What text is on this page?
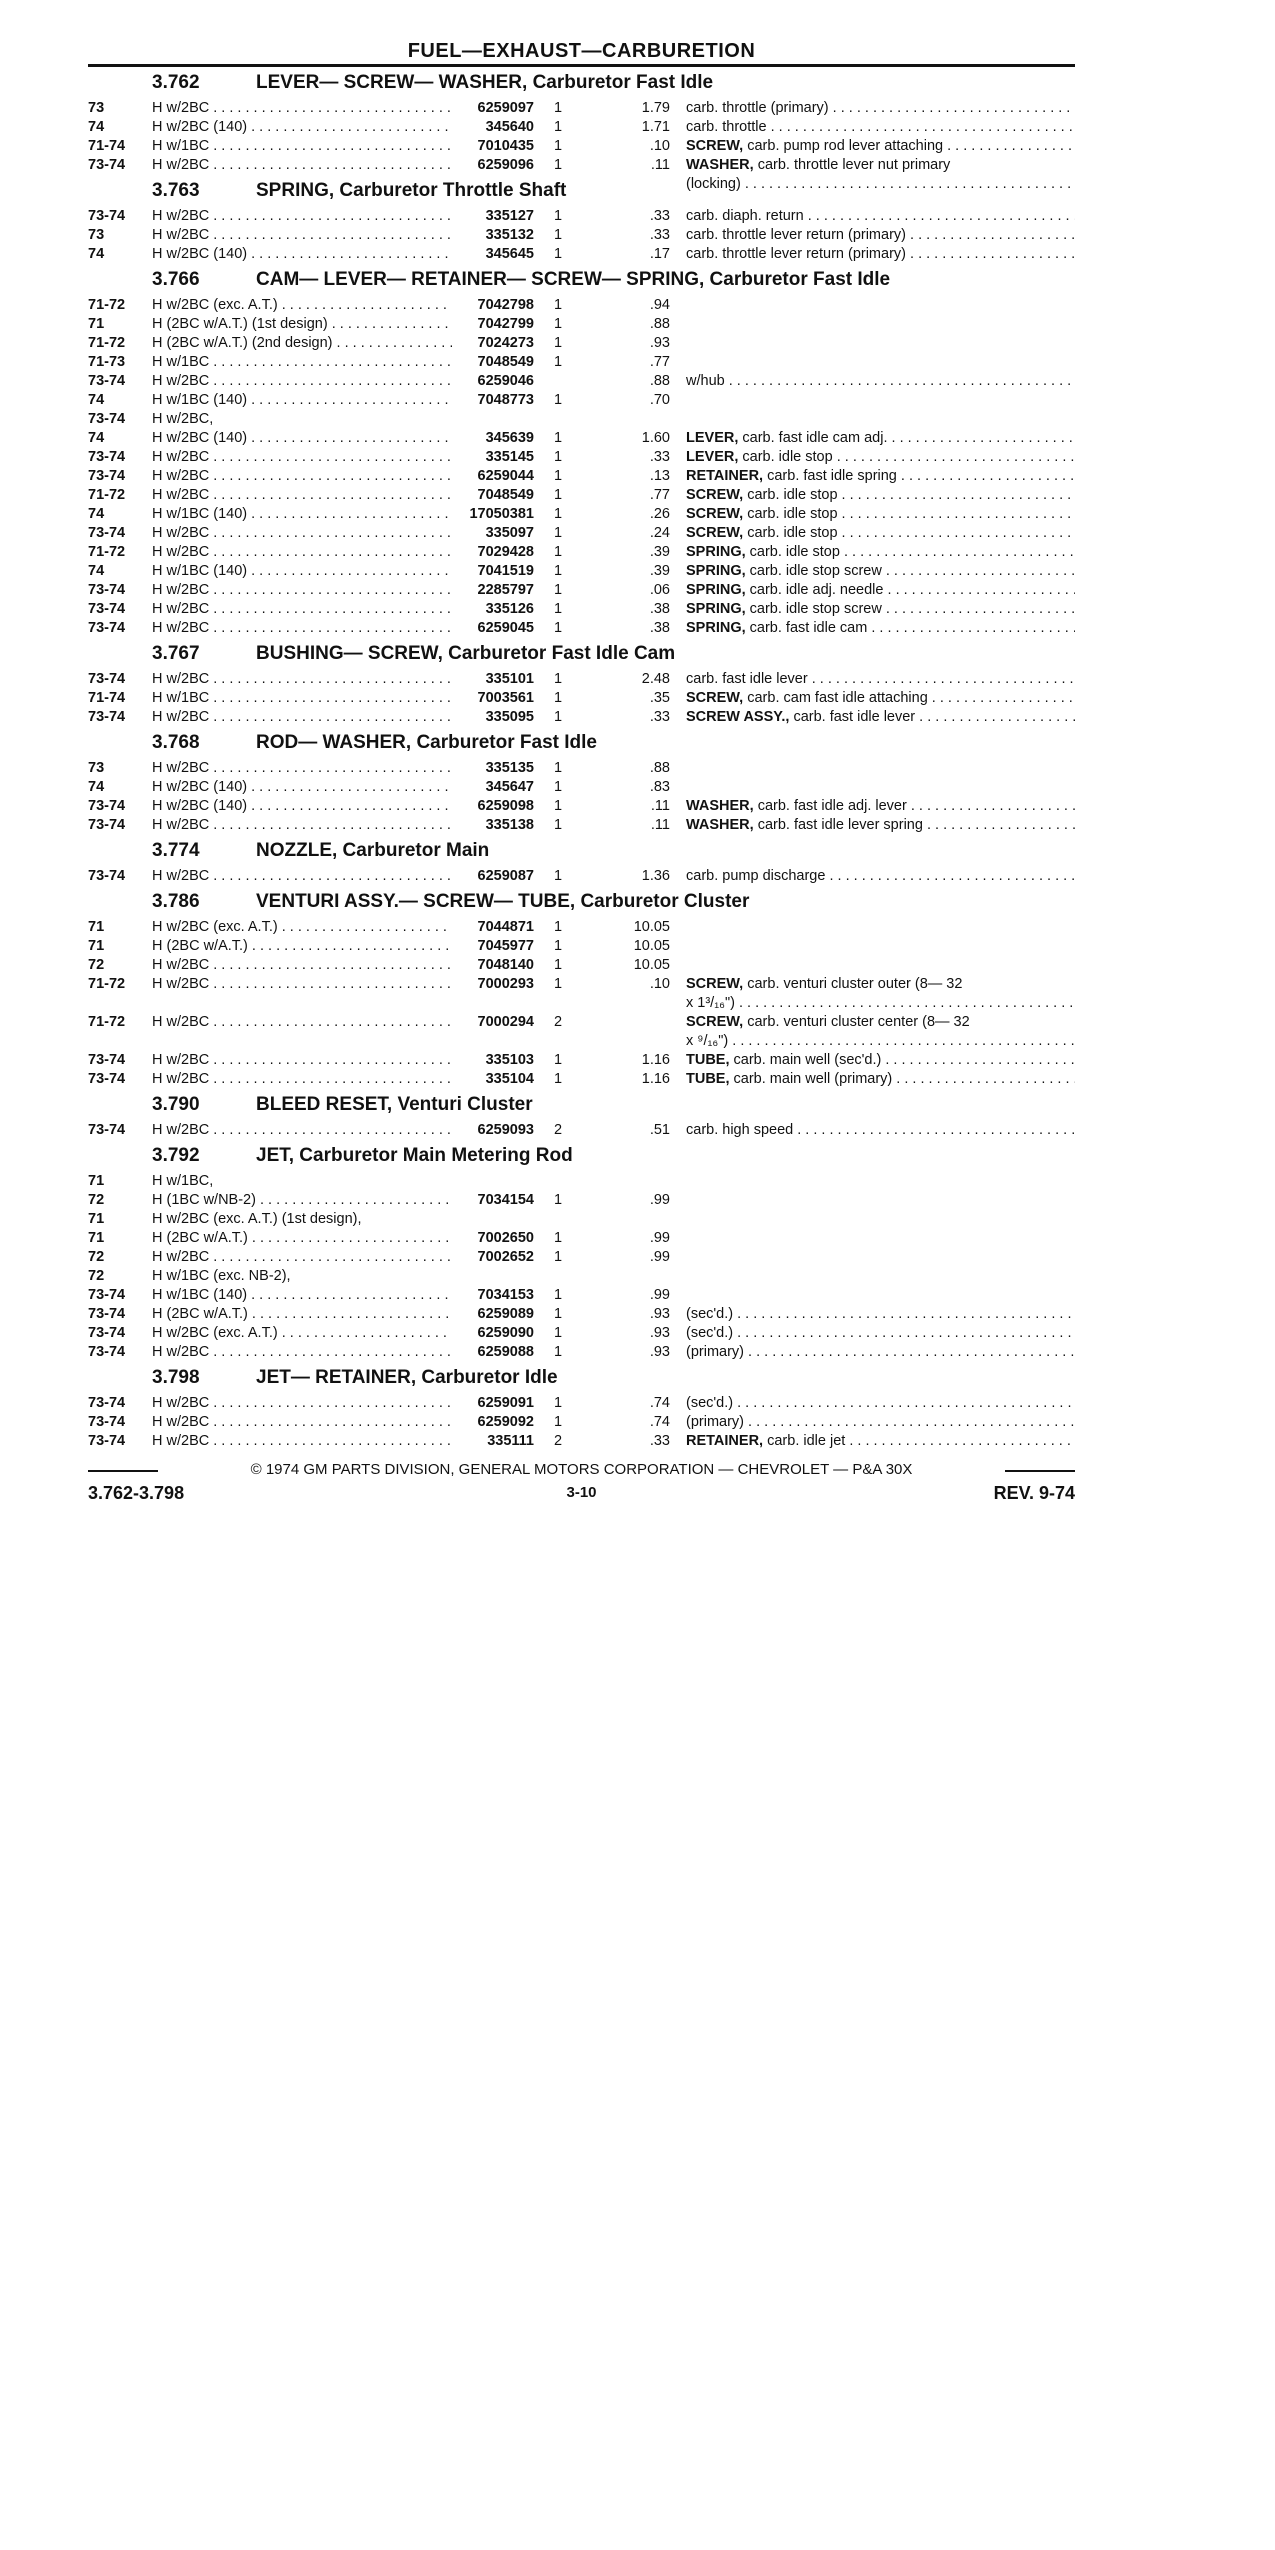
FUEL—EXHAUST—CARBURETION
3.762	LEVER— SCREW— WASHER, Carburetor Fast Idle
73	H w/2BC . . .	6259097 1	1.79 carb. throttle (primary) . . .
74	H w/2BC (140) . . .	345640 1	1.71 carb. throttle . . .
71-74	H w/1BC . . .	7010435 1	.10 SCREW, carb. pump rod lever attaching . . .
73-74	H w/2BC . . .	6259096 1	.11 WASHER, carb. throttle lever nut primary
(locking) . . .
3.763	SPRING, Carburetor Throttle Shaft
73-74	H w/2BC . . .	335127 1	.33 carb. diaph. return . . .
73	H w/2BC . . .	335132 1	.33 carb. throttle lever return (primary) . . .
74	H w/2BC (140) . . .	345645 1	.17 carb. throttle lever return (primary) . . .
3.766	CAM— LEVER— RETAINER— SCREW— SPRING, Carburetor Fast Idle
71-72	H w/2BC (exc. A.T.) . . .	7042798 1	.94
71	H (2BC w/A.T.) (1st design) . . .	7042799 1	.88
71-72	H (2BC w/A.T.) (2nd design) . . .	7024273 1	.93
71-73	H w/1BC . . .	7048549 1	.77
73-74	H w/2BC . . .	6259046	.88 w/hub . . .
74	H w/1BC (140) . . .	7048773 1	.70
73-74	H w/2BC,
74	H w/2BC (140) . . .	345639 1	1.60 LEVER, carb. fast idle cam adj. . . .
73-74	H w/2BC . . .	335145 1	.33 LEVER, carb. idle stop . . .
73-74	H w/2BC . . .	6259044 1	.13 RETAINER, carb. fast idle spring . . .
71-72	H w/2BC . . .	7048549 1	.77 SCREW, carb. idle stop . . .
74	H w/1BC (140) . . .	17050381 1	.26 SCREW, carb. idle stop . . .
73-74	H w/2BC . . .	335097 1	.24 SCREW, carb. idle stop . . .
71-72	H w/2BC . . .	7029428 1	.39 SPRING, carb. idle stop . . .
74	H w/1BC (140) . . .	7041519 1	.39 SPRING, carb. idle stop screw . . .
73-74	H w/2BC . . .	2285797 1	.06 SPRING, carb. idle adj. needle . . .
73-74	H w/2BC . . .	335126 1	.38 SPRING, carb. idle stop screw . . .
73-74	H w/2BC . . .	6259045 1	.38 SPRING, carb. fast idle cam . . .
3.767	BUSHING— SCREW, Carburetor Fast Idle Cam
73-74	H w/2BC . . .	335101 1	2.48 carb. fast idle lever . . .
71-74	H w/1BC . . .	7003561 1	.35 SCREW, carb. cam fast idle attaching . . .
73-74	H w/2BC . . .	335095 1	.33 SCREW ASSY., carb. fast idle lever . . .
3.768	ROD— WASHER, Carburetor Fast Idle
73	H w/2BC . . .	335135 1	.88
74	H w/2BC (140) . . .	345647 1	.83
73-74	H w/2BC (140) . . .	6259098 1	.11 WASHER, carb. fast idle adj. lever . . .
73-74	H w/2BC . . .	335138 1	.11 WASHER, carb. fast idle lever spring . . .
3.774	NOZZLE, Carburetor Main
73-74	H w/2BC . . .	6259087 1	1.36 carb. pump discharge . . .
3.786	VENTURI ASSY.— SCREW— TUBE, Carburetor Cluster
71	H w/2BC (exc. A.T.) . . .	7044871 1	10.05
71	H (2BC w/A.T.) . . .	7045977 1	10.05
72	H w/2BC . . .	7048140 1	10.05
71-72	H w/2BC . . .	7000293 1	.10 SCREW, carb. venturi cluster outer (8— 32
x 1³/₁₆") . . .
71-72	H w/2BC . . .	7000294 2	SCREW, carb. venturi cluster center (8— 32
x ⁹/₁₆") . . .
73-74	H w/2BC . . .	335103 1	1.16 TUBE, carb. main well (sec'd.) . . .
73-74	H w/2BC . . .	335104 1	1.16 TUBE, carb. main well (primary) . . .
3.790	BLEED RESET, Venturi Cluster
73-74	H w/2BC . . .	6259093 2	.51 carb. high speed . . .
3.792	JET, Carburetor Main Metering Rod
71	H w/1BC,
72	H (1BC w/NB-2) . . .	7034154 1	.99
71	H w/2BC (exc. A.T.) (1st design),
71	H (2BC w/A.T.) . . .	7002650 1	.99
72	H w/2BC . . .	7002652 1	.99
72	H w/1BC (exc. NB-2),
73-74	H w/1BC (140) . . .	7034153 1	.99
73-74	H (2BC w/A.T.) . . .	6259089 1	.93 (sec'd.) . . .
73-74	H w/2BC (exc. A.T.) . . .	6259090 1	.93 (sec'd.) . . .
73-74	H w/2BC . . .	6259088 1	.93 (primary) . . .
3.798	JET— RETAINER, Carburetor Idle
73-74	H w/2BC . . .	6259091 1	.74 (sec'd.) . . .
73-74	H w/2BC . . .	6259092 1	.74 (primary) . . .
73-74	H w/2BC . . .	335111 2	.33 RETAINER, carb. idle jet . . .
© 1974 GM PARTS DIVISION, GENERAL MOTORS CORPORATION — CHEVROLET — P&A 30X
3.762-3.798	3-10	REV. 9-74
